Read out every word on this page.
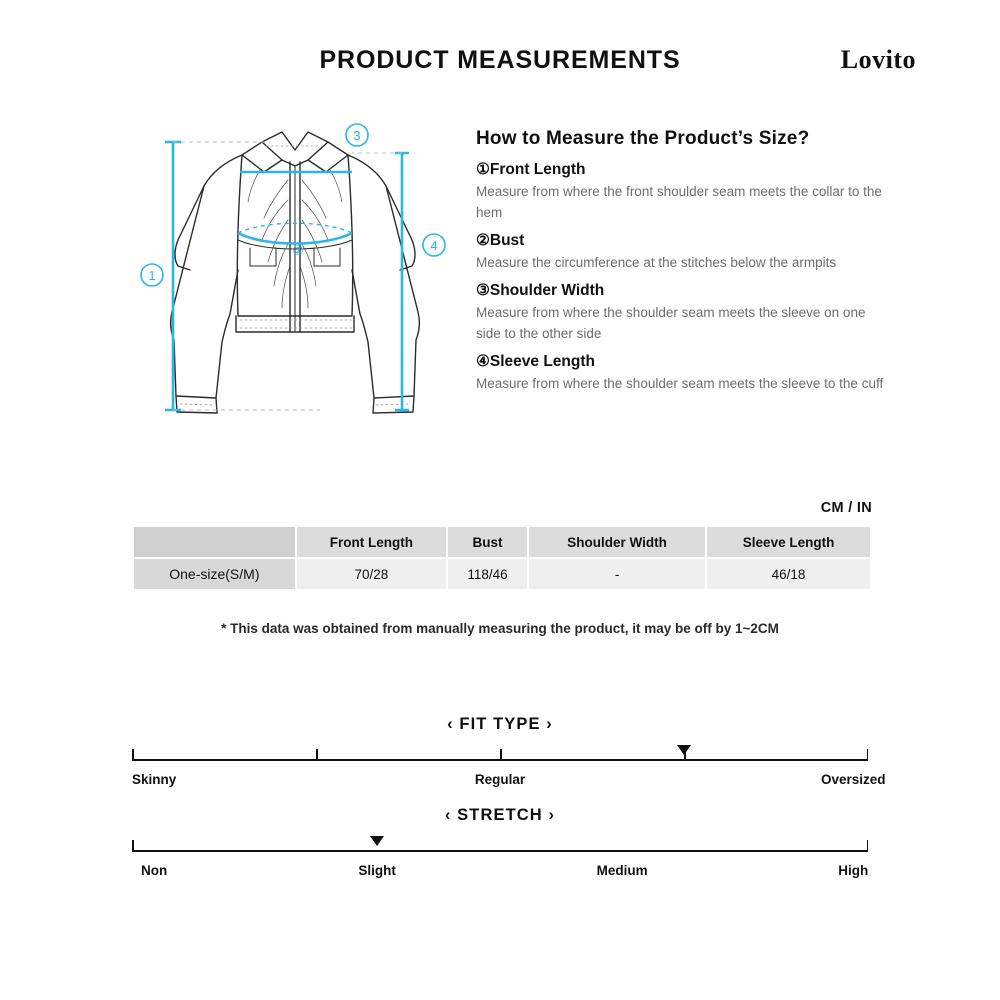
PRODUCT MEASUREMENTS	Lovito
1
②
3
4
How to Measure the Product’s Size?
①Front Length
Measure from where the front shoulder seam meets the collar to the hem
②Bust
Measure the circumference at the stitches below the armpits
③Shoulder Width
Measure from where the shoulder seam meets the sleeve on one side to the other side
④Sleeve Length
Measure from where the shoulder seam meets the sleeve to the cuff
CM / IN
	Front Length	Bust	Shoulder Width	Sleeve Length
One-size(S/M)	70/28	118/46	-	46/18
* This data was obtained from manually measuring the product, it may be off by 1~2CM
‹ FIT TYPE ›
Skinny	Regular	Oversized
‹ STRETCH ›
Non	Slight	Medium	High
